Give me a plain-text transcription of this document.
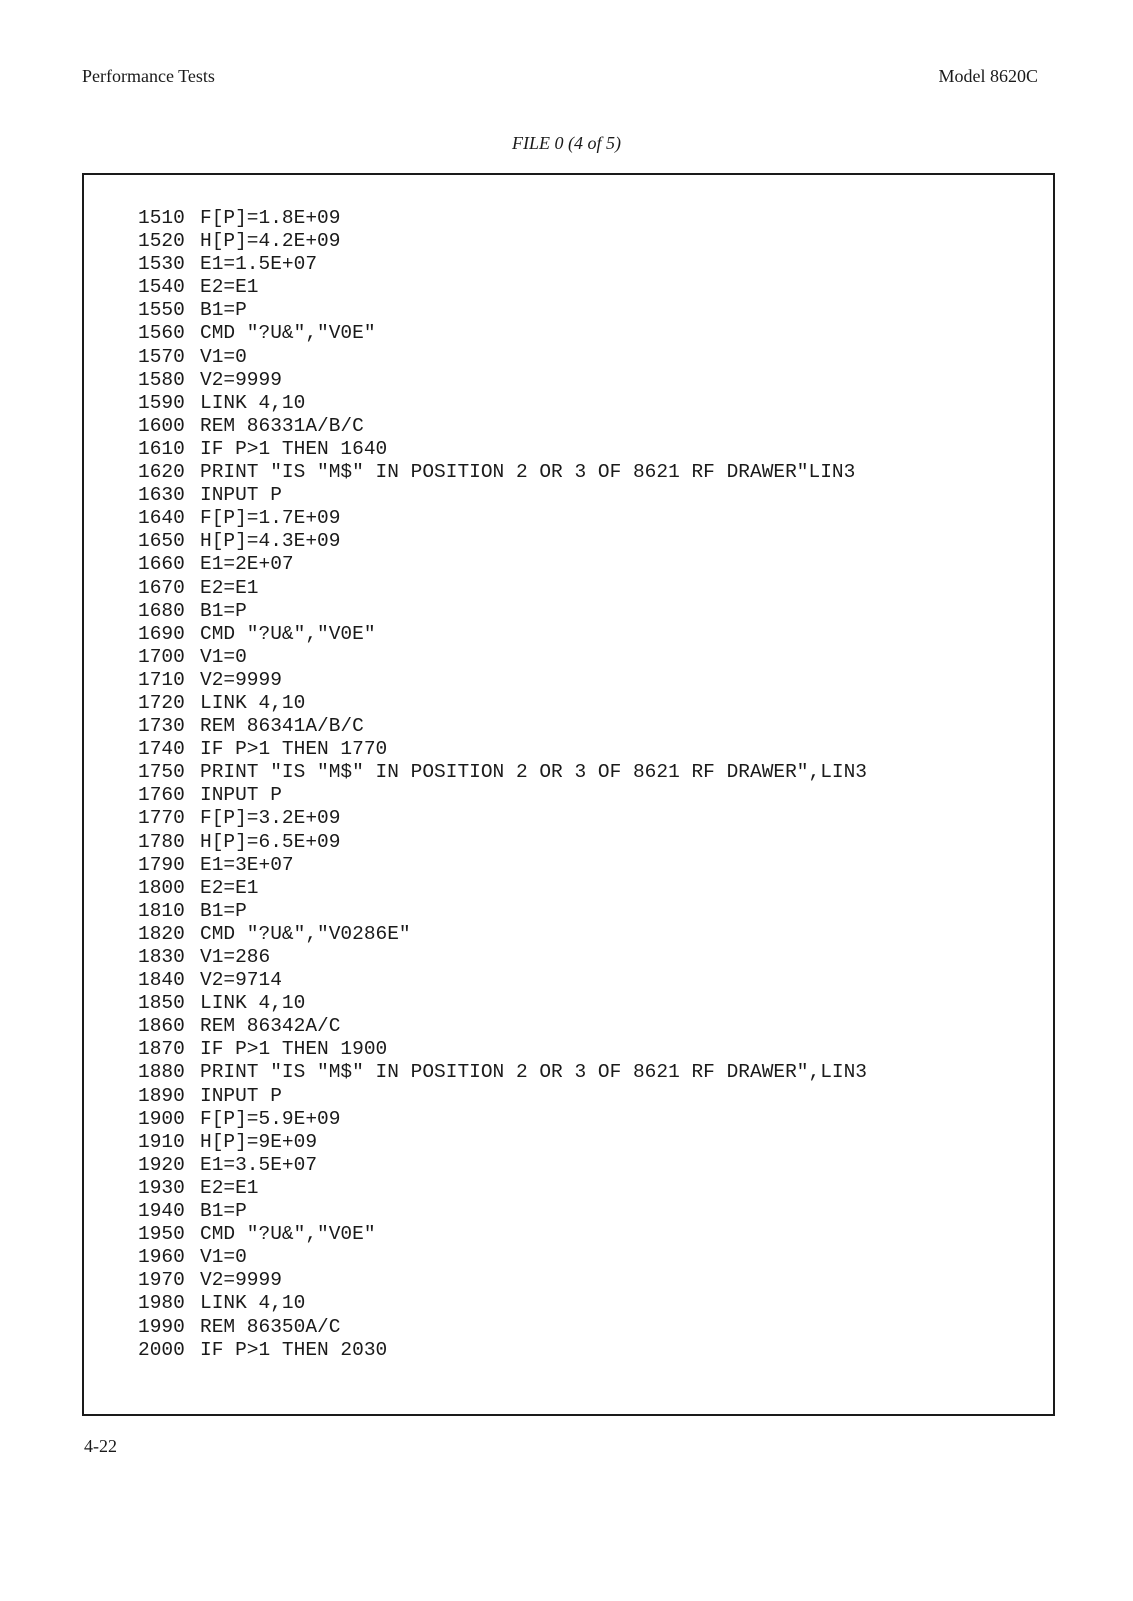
Performance Tests	Model 8620C
FILE 0 (4 of 5)
1510 F[P]=1.8E+09
1520 H[P]=4.2E+09
1530 E1=1.5E+07
1540 E2=E1
1550 B1=P
1560 CMD "?U&","V0E"
1570 V1=0
1580 V2=9999
1590 LINK 4,10
1600 REM 86331A/B/C
1610 IF P>1 THEN 1640
1620 PRINT "IS "M$" IN POSITION 2 OR 3 OF 8621 RF DRAWER"LIN3
1630 INPUT P
1640 F[P]=1.7E+09
1650 H[P]=4.3E+09
1660 E1=2E+07
1670 E2=E1
1680 B1=P
1690 CMD "?U&","V0E"
1700 V1=0
1710 V2=9999
1720 LINK 4,10
1730 REM 86341A/B/C
1740 IF P>1 THEN 1770
1750 PRINT "IS "M$" IN POSITION 2 OR 3 OF 8621 RF DRAWER",LIN3
1760 INPUT P
1770 F[P]=3.2E+09
1780 H[P]=6.5E+09
1790 E1=3E+07
1800 E2=E1
1810 B1=P
1820 CMD "?U&","V0286E"
1830 V1=286
1840 V2=9714
1850 LINK 4,10
1860 REM 86342A/C
1870 IF P>1 THEN 1900
1880 PRINT "IS "M$" IN POSITION 2 OR 3 OF 8621 RF DRAWER",LIN3
1890 INPUT P
1900 F[P]=5.9E+09
1910 H[P]=9E+09
1920 E1=3.5E+07
1930 E2=E1
1940 B1=P
1950 CMD "?U&","V0E"
1960 V1=0
1970 V2=9999
1980 LINK 4,10
1990 REM 86350A/C
2000 IF P>1 THEN 2030
4-22
